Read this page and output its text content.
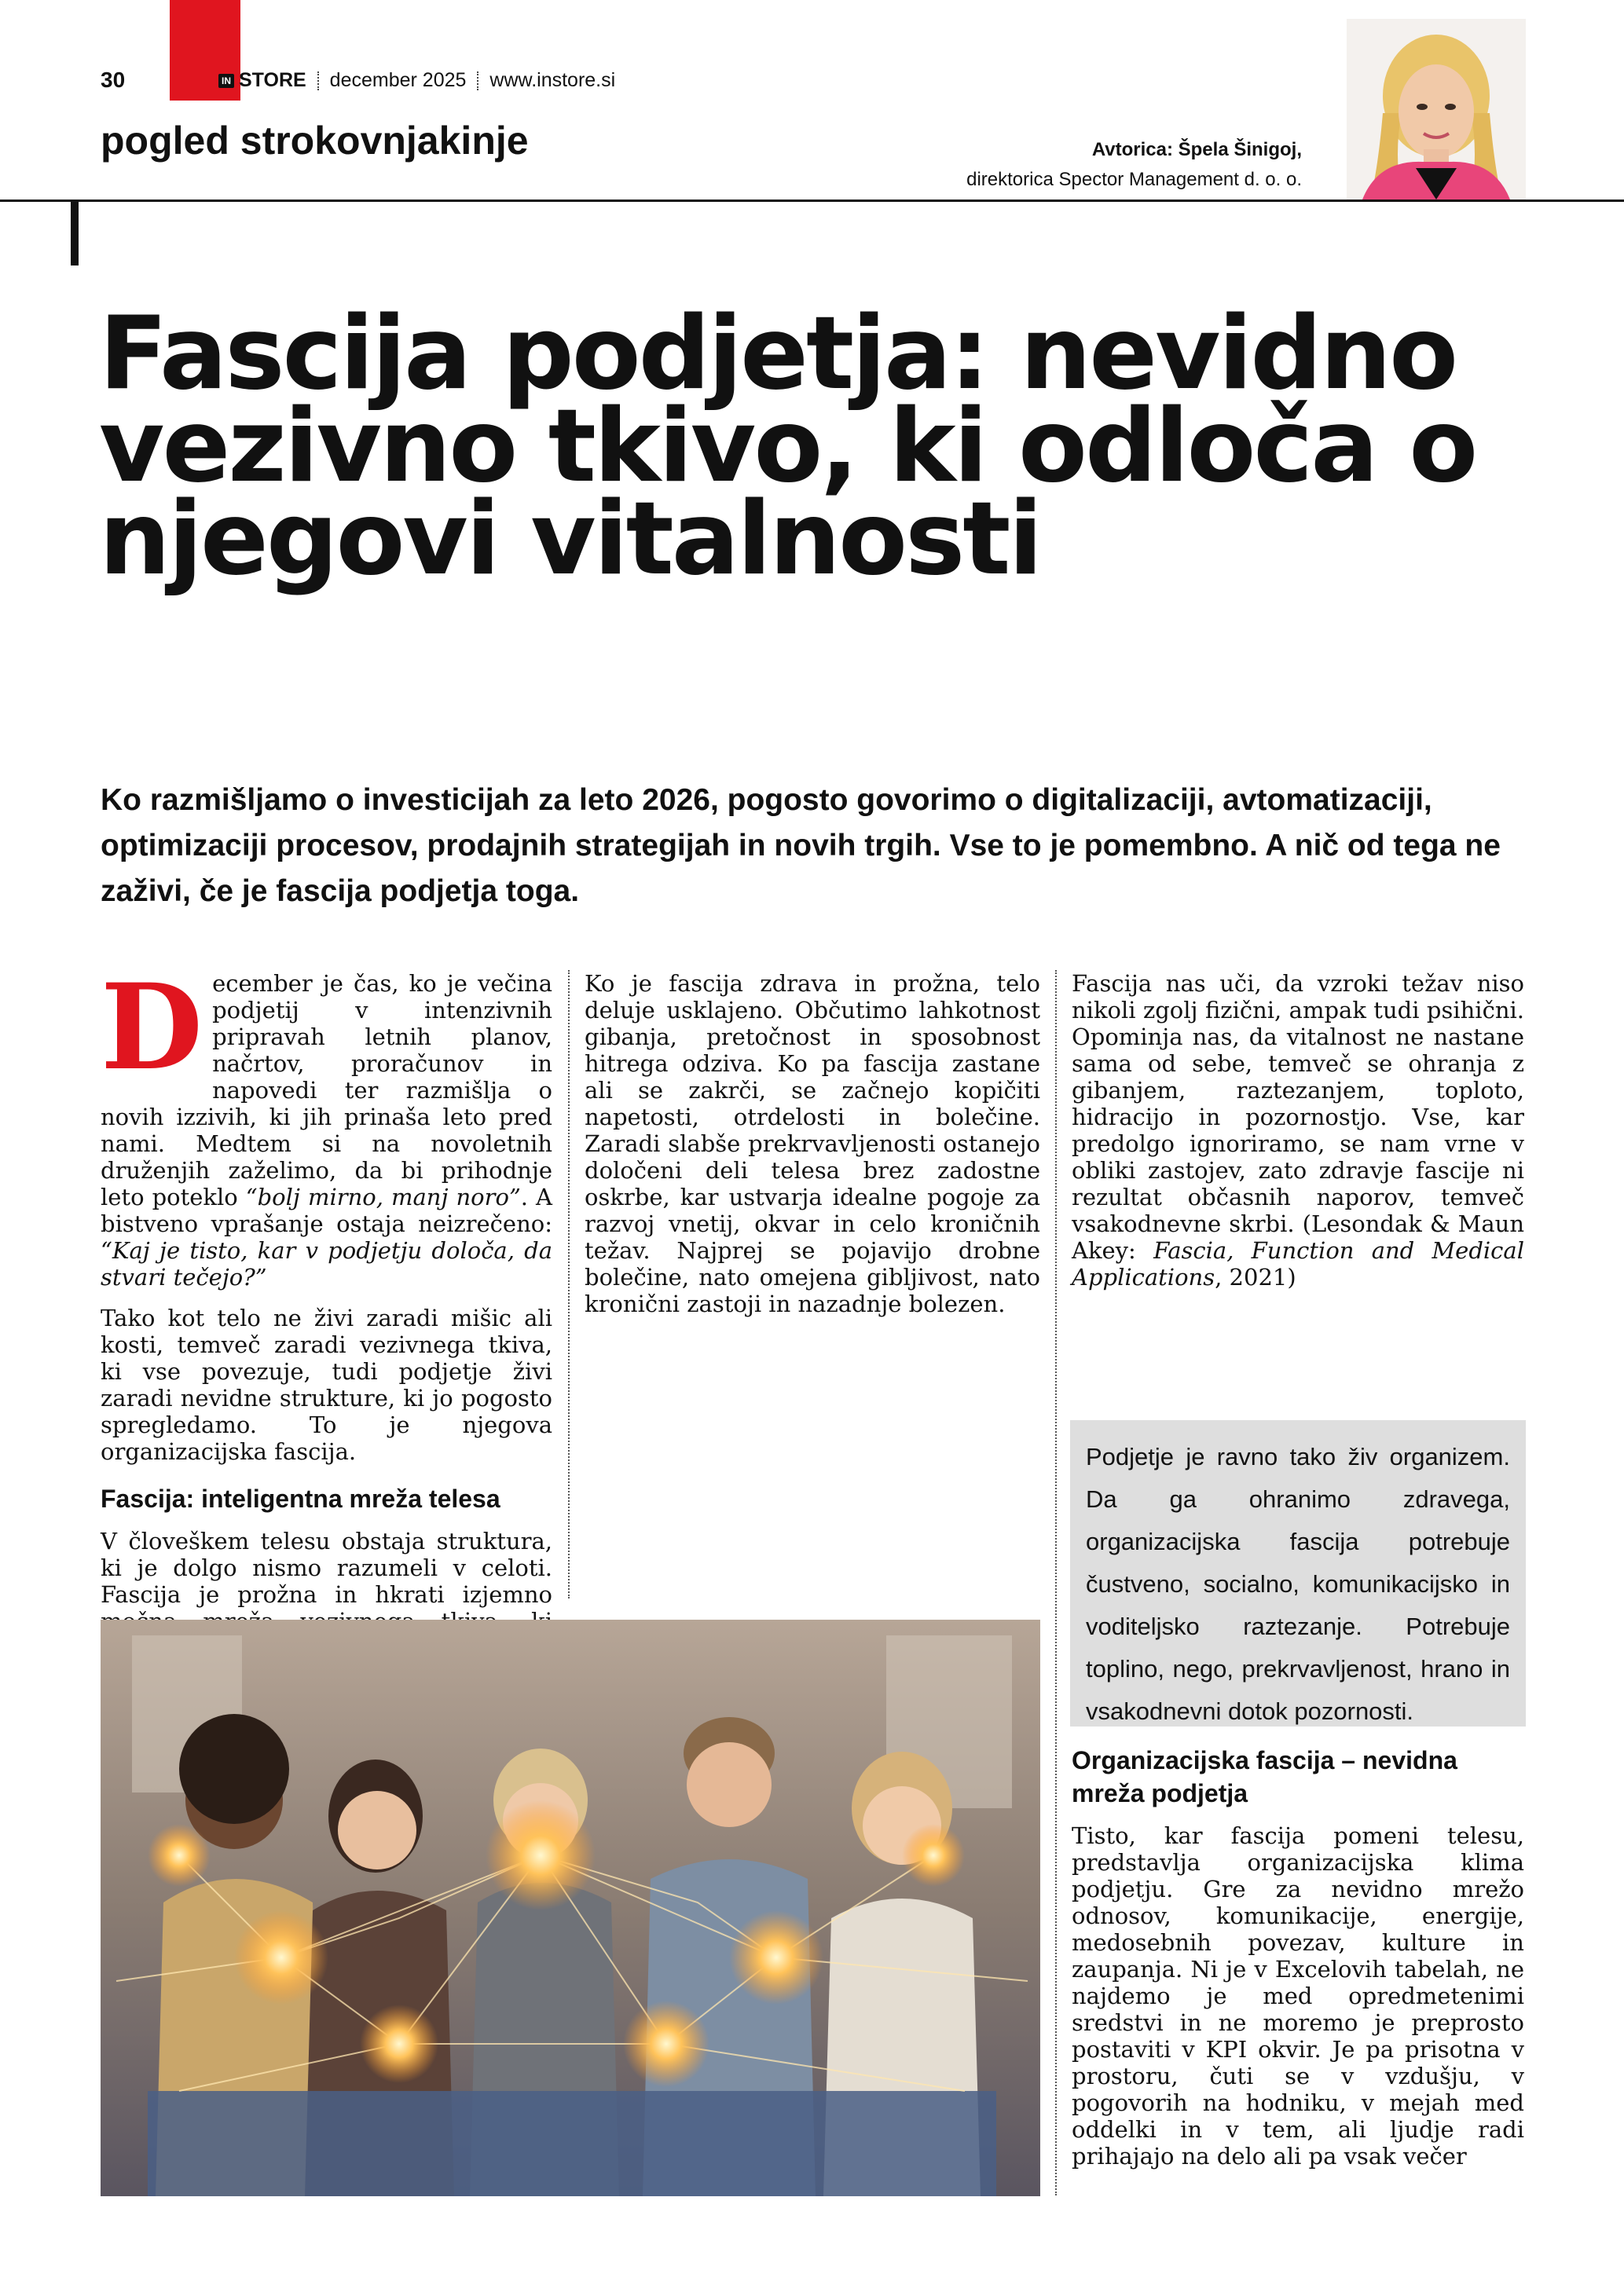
30	IN STORE december 2025 www.instore.si
pogled strokovnjakinje	Avtorica: Špela Šinigoj,
direktorica Spector Management d. o. o.
Fascija podjetja: nevidno vezivno tkivo, ki odloča o njegovi vitalnosti

Ko razmišljamo o investicijah za leto 2026, pogosto govorimo o digitalizaciji, avtomatizaciji, optimizaciji procesov, prodajnih strategijah in novih trgih. Vse to je pomembno. A nič od tega ne zaživi, če je fascija podjetja toga.

December je čas, ko je večina podjetij v intenzivnih pripravah letnih planov, načrtov, proračunov in napovedi ter razmišlja o novih izzivih, ki jih prinaša leto pred nami. Medtem si na novoletnih druženjih zaželimo, da bi prihodnje leto poteklo “bolj mirno, manj noro”. A bistveno vprašanje ostaja neizrečeno: “Kaj je tisto, kar v podjetju določa, da stvari tečejo?”

Tako kot telo ne živi zaradi mišic ali kosti, temveč zaradi vezivnega tkiva, ki vse povezuje, tudi podjetje živi zaradi nevidne strukture, ki jo pogosto spregledamo. To je njegova organizacijska fascija.

Fascija: inteligentna mreža telesa

V človeškem telesu obstaja struktura, ki je dolgo nismo razumeli v celoti. Fascija je prožna in hkrati izjemno

Ko je fascija zdrava in prožna, telo deluje usklajeno. Občutimo lahkotnost gibanja, pretočnost in sposobnost hitrega odziva. Ko pa fascija zastane ali se zakrči, se začnejo kopičiti napetosti, otrdelosti in bolečine. Zaradi slabše prekrvavljenosti ostanejo določeni deli telesa brez zadostne oskrbe, kar ustvarja idealne pogoje za razvoj vnetij, okvar in celo kroničnih težav. Najprej se pojavijo drobne bolečine, nato omejena gibljivost, nato kronični zastoji in nazadnje bolezen.

Fascija nas uči, da vzroki težav niso nikoli zgolj fizični, ampak tudi psihični. Opominja nas, da vitalnost ne nastane sama od sebe, temveč se ohranja z gibanjem, raztezanjem, toploto, hidracijo in pozornostjo. Vse, kar predolgo ignoriramo, se nam vrne v obliki zastojev, zato zdravje fascije ni rezultat občasnih naporov, temveč vsakodnevne skrbi. (Lesondak & Maun Akey: Fascia, Function and Medical Applications, 2021)

Podjetje je ravno tako živ organizem. Da ga ohranimo zdravega, organizacijska fascija potrebuje čustveno, socialno, komunikacijsko in voditeljsko raztezanje. Potrebuje toplino, nego, prekrvavljenost, hrano in vsakodnevni dotok pozornosti.
Organizacijska fascija – nevidna mreža podjetja

Tisto, kar fascija pomeni telesu, predstavlja organizacijska klima podjetju. Gre za nevidno mrežo odnosov, komunikacije, energije, medosebnih povezav, kulture in zaupanja. Ni je v Excelovih tabelah, ne najdemo je med opredmetenimi sredstvi in ne moremo je preprosto postaviti v KPI okvir. Je pa prisotna v prostoru, čuti se v vzdušju, v pogovorih na hodniku, v mejah med oddelki in v tem, ali ljudje radi prihajajo na delo ali pa vsak večer
